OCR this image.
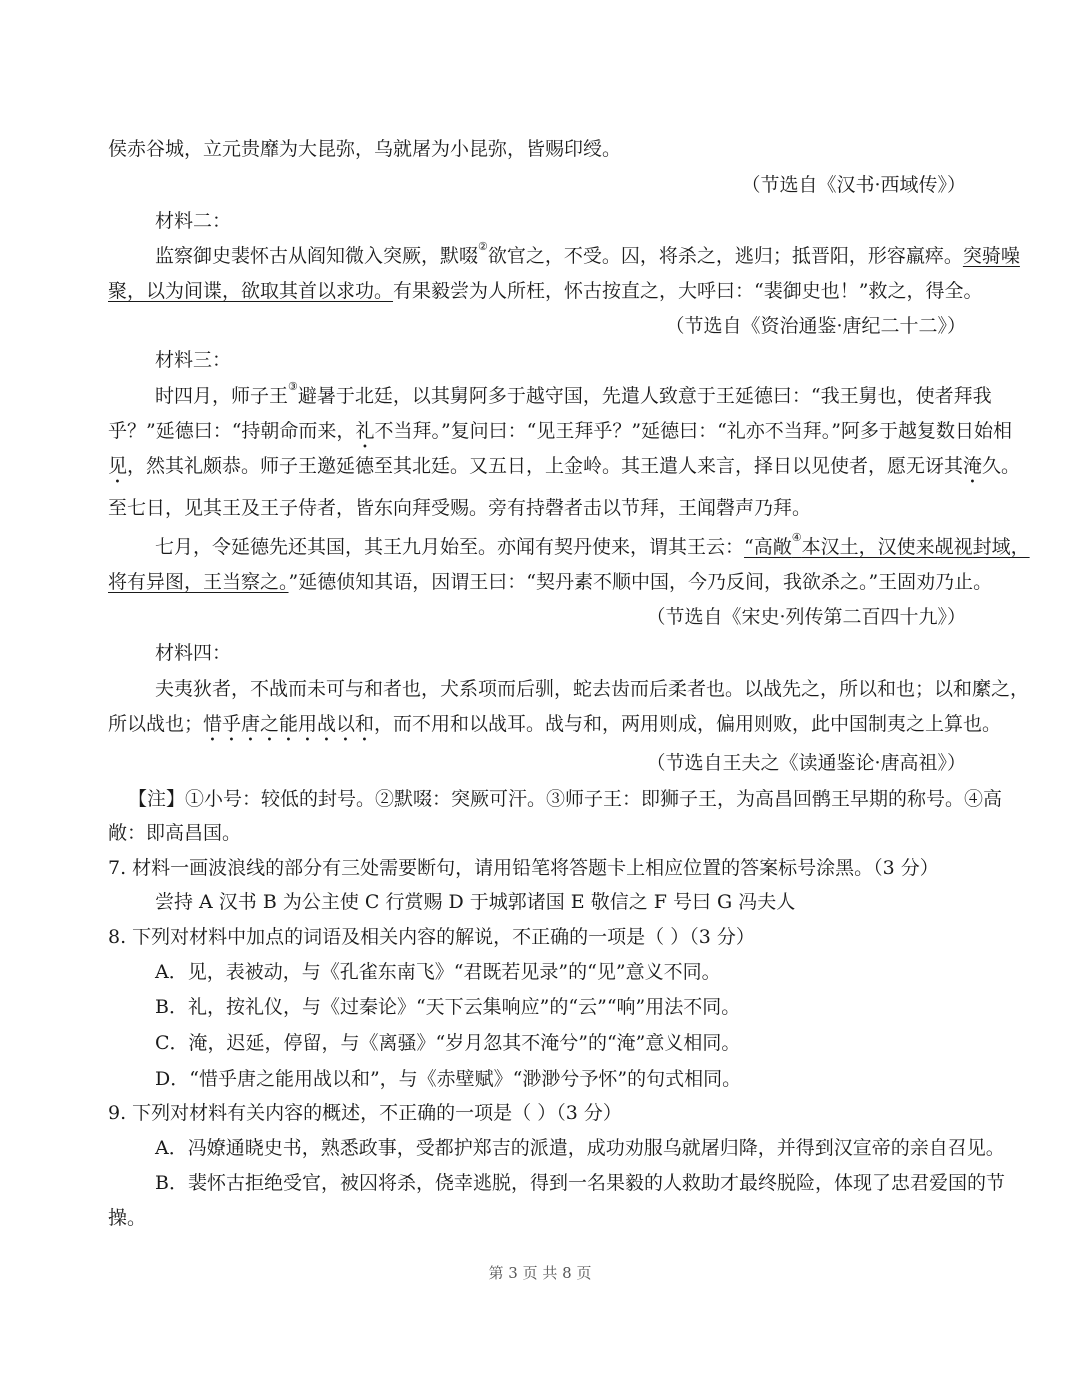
侯赤谷城，立元贵靡为大昆弥，乌就屠为小昆弥，皆赐印绶。
（节选自《汉书·西域传》）
材料二：
监察御史裴怀古从阎知微入突厥，默啜②欲官之，不受。囚，将杀之，逃归；抵晋阳，形容羸瘁。突骑噪
聚，以为间谍，欲取其首以求功。有果毅尝为人所枉，怀古按直之，大呼曰：“裴御史也！”救之，得全。
（节选自《资治通鉴·唐纪二十二》）
材料三：
时四月，师子王③避暑于北廷，以其舅阿多于越守国，先遣人致意于王延德曰：“我王舅也，使者拜我
乎？”延德曰：“持朝命而来，礼不当拜。”复问曰：“见王拜乎？”延德曰：“礼亦不当拜。”阿多于越复数日始相
见，然其礼颇恭。师子王邀延德至其北廷。又五日，上金岭。其王遣人来言，择日以见使者，愿无讶其淹久。
至七日，见其王及王子侍者，皆东向拜受赐。旁有持磬者击以节拜，王闻磬声乃拜。
七月，令延德先还其国，其王九月始至。亦闻有契丹使来，谓其王云：“高敞④本汉土，汉使来觇视封域，
将有异图，王当察之。”延德侦知其语，因谓王曰：“契丹素不顺中国，今乃反间，我欲杀之。”王固劝乃止。
（节选自《宋史·列传第二百四十九》）
材料四：
夫夷狄者，不战而未可与和者也，犬系项而后驯，蛇去齿而后柔者也。以战先之，所以和也；以和縻之，
所以战也；惜乎唐之能用战以和，而不用和以战耳。战与和，两用则成，偏用则败，此中国制夷之上算也。
（节选自王夫之《读通鉴论·唐高祖》）
【注】①小号：较低的封号。②默啜：突厥可汗。③师子王：即狮子王，为高昌回鹘王早期的称号。④高
敞：即高昌国。
7. 材料一画波浪线的部分有三处需要断句，请用铅笔将答题卡上相应位置的答案标号涂黑。（3 分）
尝持 A 汉书 B 为公主使 C 行赏赐 D 于城郭诸国 E 敬信之 F 号曰 G 冯夫人
8. 下列对材料中加点的词语及相关内容的解说，不正确的一项是（ ）（3 分）
A．见，表被动，与《孔雀东南飞》“君既若见录”的“见”意义不同。
B．礼，按礼仪，与《过秦论》“天下云集响应”的“云”“响”用法不同。
C．淹，迟延，停留，与《离骚》“岁月忽其不淹兮”的“淹”意义相同。
D．“惜乎唐之能用战以和”，与《赤壁赋》“渺渺兮予怀”的句式相同。
9. 下列对材料有关内容的概述，不正确的一项是（ ）（3 分）
A．冯嫽通晓史书，熟悉政事，受都护郑吉的派遣，成功劝服乌就屠归降，并得到汉宣帝的亲自召见。
B．裴怀古拒绝受官，被囚将杀，侥幸逃脱，得到一名果毅的人救助才最终脱险，体现了忠君爱国的节
操。
第 3 页 共 8 页
